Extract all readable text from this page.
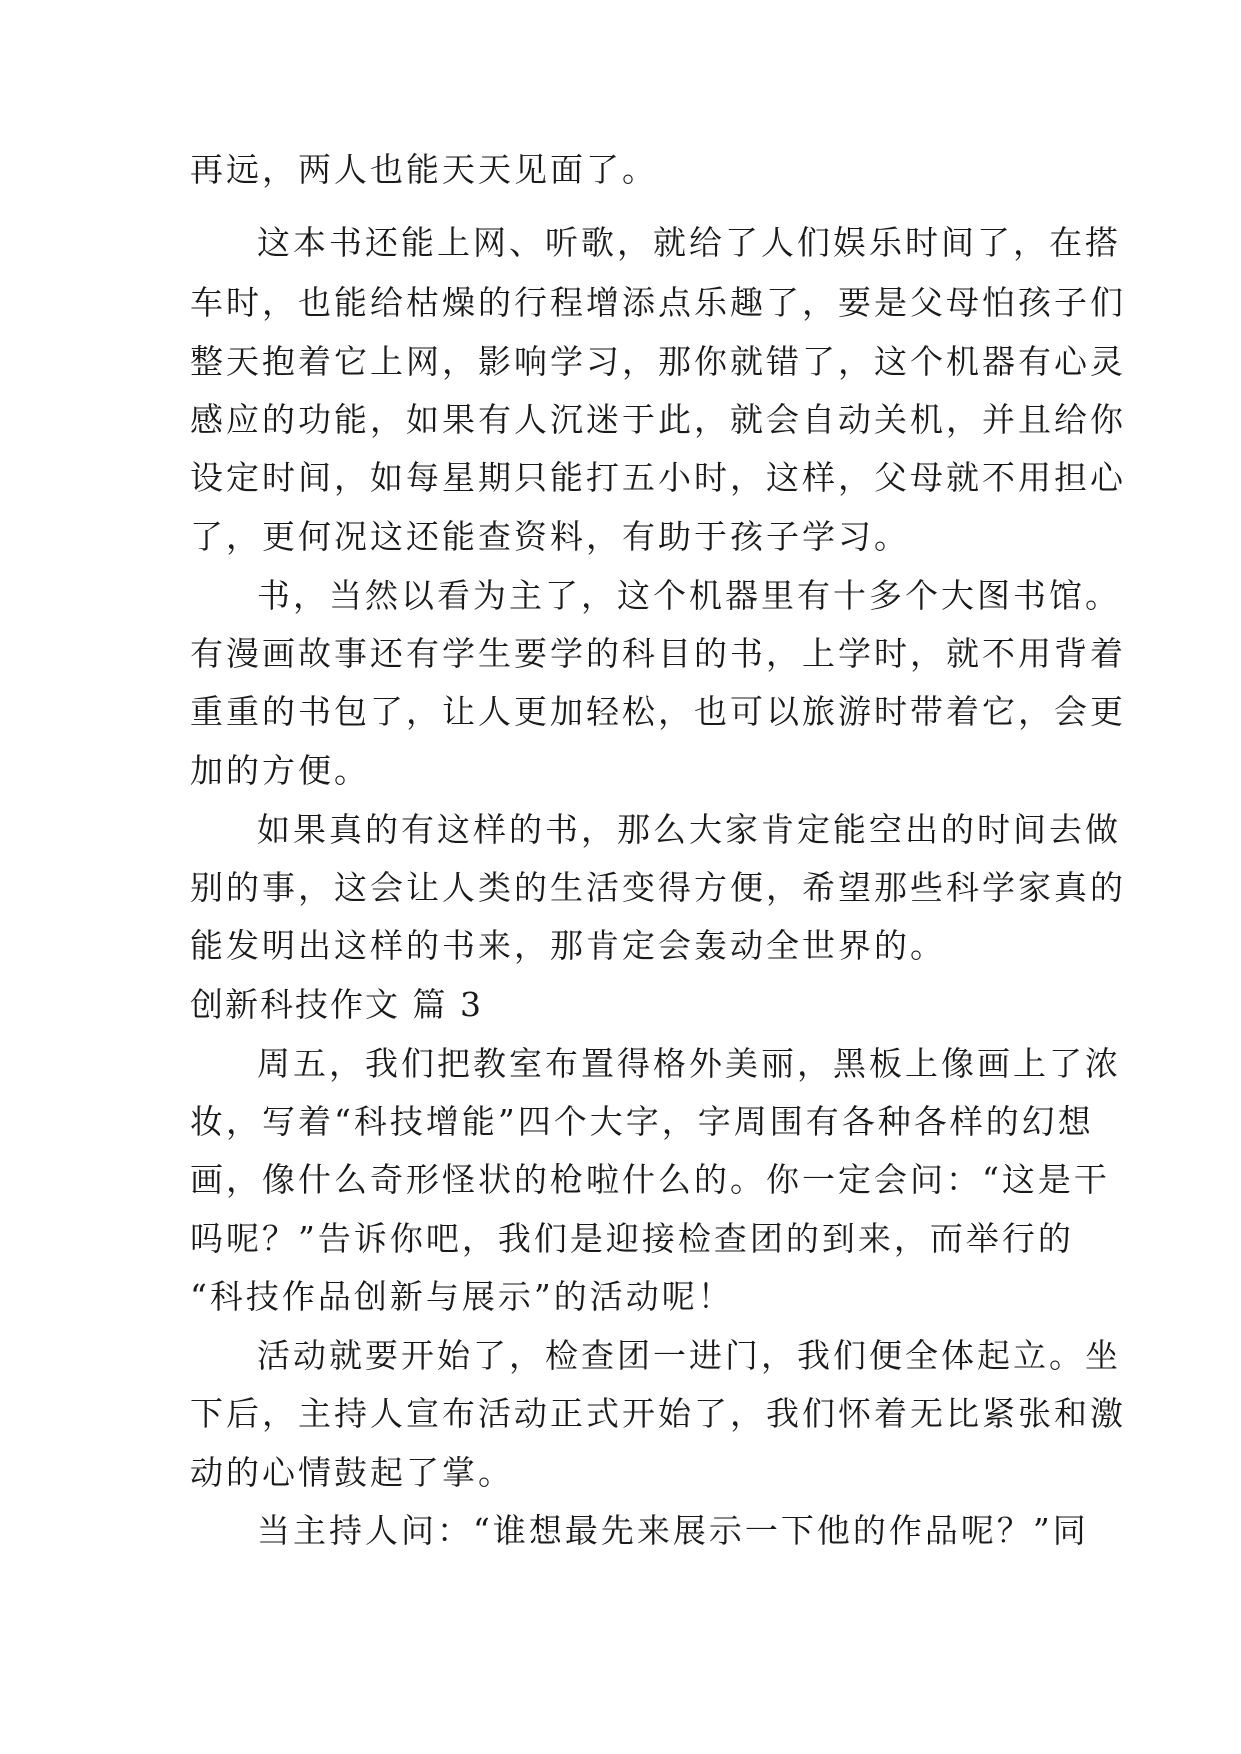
再远，两人也能天天见面了。
这本书还能上网、听歌，就给了人们娱乐时间了，在搭
车时，也能给枯燥的行程增添点乐趣了，要是父母怕孩子们
整天抱着它上网，影响学习，那你就错了，这个机器有心灵
感应的功能，如果有人沉迷于此，就会自动关机，并且给你
设定时间，如每星期只能打五小时，这样，父母就不用担心
了，更何况这还能查资料，有助于孩子学习。
书，当然以看为主了，这个机器里有十多个大图书馆。
有漫画故事还有学生要学的科目的书，上学时，就不用背着
重重的书包了，让人更加轻松，也可以旅游时带着它，会更
加的方便。
如果真的有这样的书，那么大家肯定能空出的时间去做
别的事，这会让人类的生活变得方便，希望那些科学家真的
能发明出这样的书来，那肯定会轰动全世界的。
创新科技作文 篇 3
周五，我们把教室布置得格外美丽，黑板上像画上了浓
妆，写着“科技增能”四个大字，字周围有各种各样的幻想
画，像什么奇形怪状的枪啦什么的。你一定会问：“这是干
吗呢？”告诉你吧，我们是迎接检查团的到来，而举行的
“科技作品创新与展示”的活动呢！
活动就要开始了，检查团一进门，我们便全体起立。坐
下后，主持人宣布活动正式开始了，我们怀着无比紧张和激
动的心情鼓起了掌。
当主持人问：“谁想最先来展示一下他的作品呢？”同
